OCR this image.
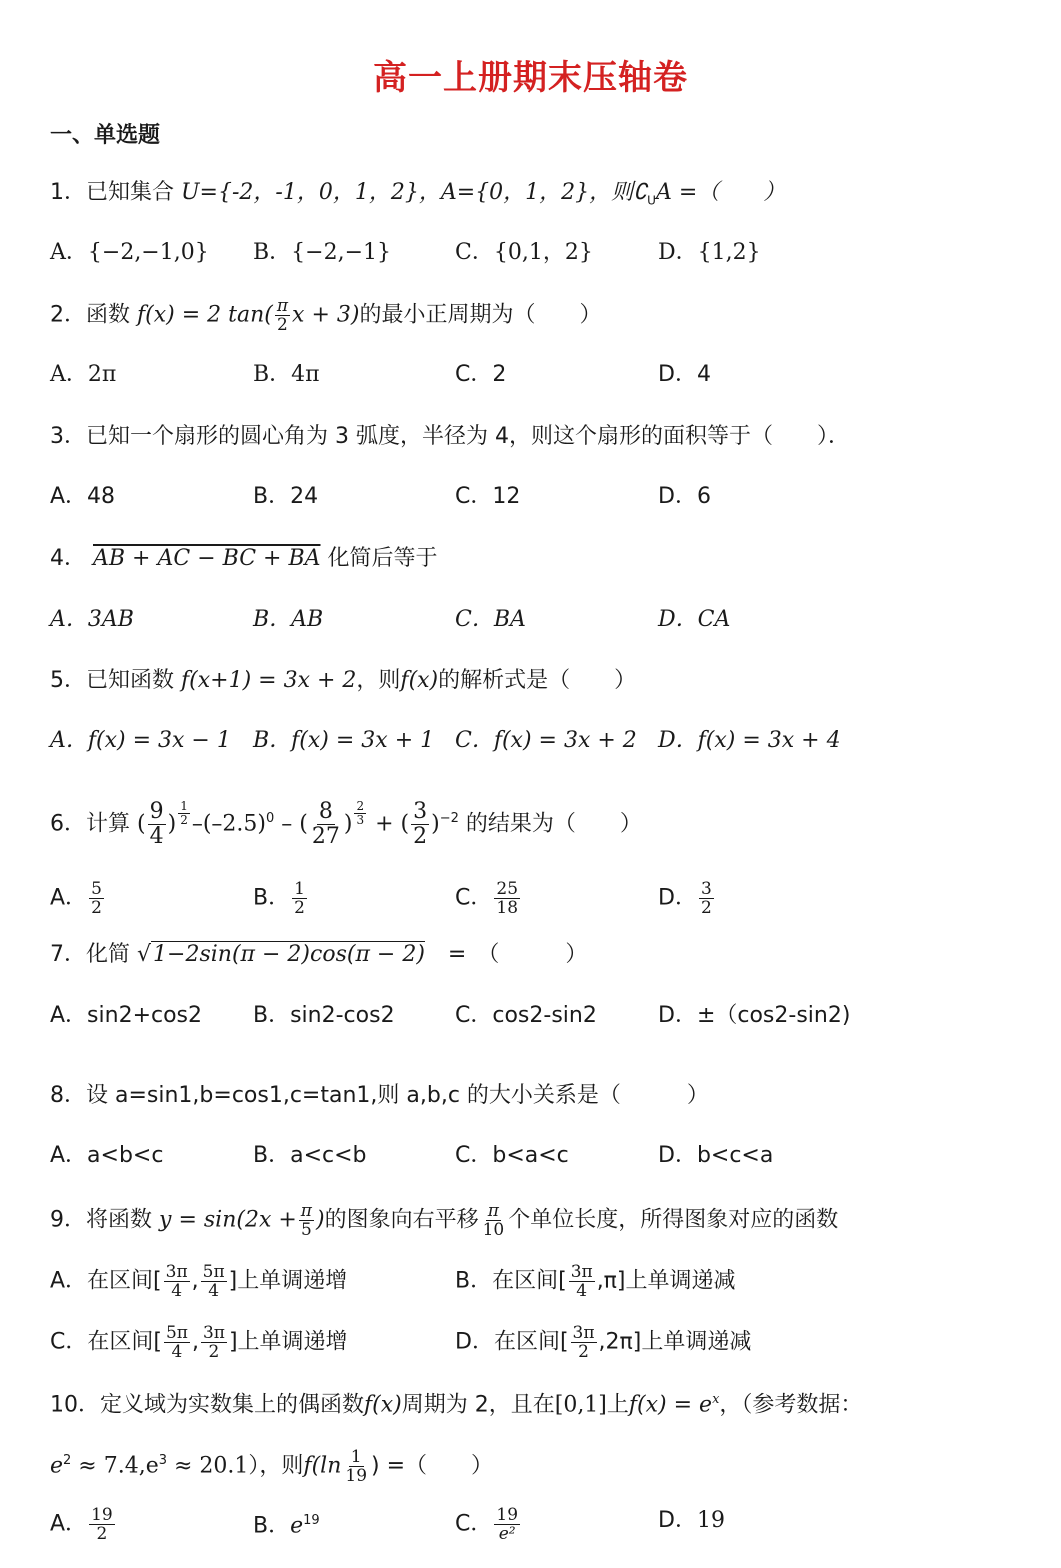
高一上册期末压轴卷
一、单选题
1．已知集合 U={-2，-1，0，1，2}，A={0，1，2}，则$∁_UA$ =（　　）
A．{−2,−1,0} B．{−2,−1}	C．{0,1，2}	D．{1,2}
2．函数 f(x) = 2 $\tan( \frac{\pi}{2}$ x + 3)的最小正周期为（　　）
A．2π	B．4π	C．2	D．4
3．已知一个扇形的圆心角为 3 弧度，半径为 4，则这个扇形的面积等于（　　）．
A．48	B．24	C．12	D．6
4． AB + AC − BC + BA 化简后等于
A．3AB	B．AB	C．BA	D．CA
5．已知函数 f(x+1) = 3x + 2，则f(x)的解析式是（　　）
A．f(x) = 3x − 1 B．f(x) = 3x + 1 C．f(x) = 3x + 2 D．f(x) = 3x + 4
6．计算 ( $\frac{9}{4}$ ) $\frac{1}{2} -(-2.5)^0$ – ( $\frac{8}{27}$ ) $\frac{2}{3}$ + ( $\frac{3}{2} )^{-2}$ 的结果为（　　）
A． $\frac{5}{2}$	B． $\frac{1}{2}$	C． $\frac{25}{18}$	D． $\frac{3}{2}$
7．化简 √1−2sin(π − 2)cos(π − 2) =　（　　　）
A．sin2+cos2 B．sin2-cos2	C．cos2-sin2	D．±（cos2-sin2)
8．设 a=sin1,b=cos1,c=tan1,则 a,b,c 的大小关系是（　　　）
A．a<b<c	B．a<c<b	C．b<a<c	D．b<c<a
9．将函数 $y = \sin(2x + \frac{\pi}{5}$ )的图象向右平移 $\frac{\pi}{10}$ 个单位长度，所得图象对应的函数
A．在区间[ $\frac{3\pi}{4}$ , $\frac{5\pi}{4}$ ]上单调递增	B．在区间[ $\frac{3\pi}{4} ,\pi$]上单调递减
C．在区间[ $\frac{5\pi}{4}$ , $\frac{3\pi}{2}$ ]上单调递增	D．在区间[ $\frac{3\pi}{2} ,2\pi$]上单调递减
10．定义域为实数集上的偶函数f(x)周期为 2，且在[0,1]上$f(x) = e^x$，（参考数据：
$e^2 \approx 7.4,e^3 \approx 20.1$），则$f(\ln \frac{1}{19}$ ) =（　　）
A． $\frac{19}{2}$	B．$e^{19}$	C． $\frac{19}{\text{e²}}$	D．19
